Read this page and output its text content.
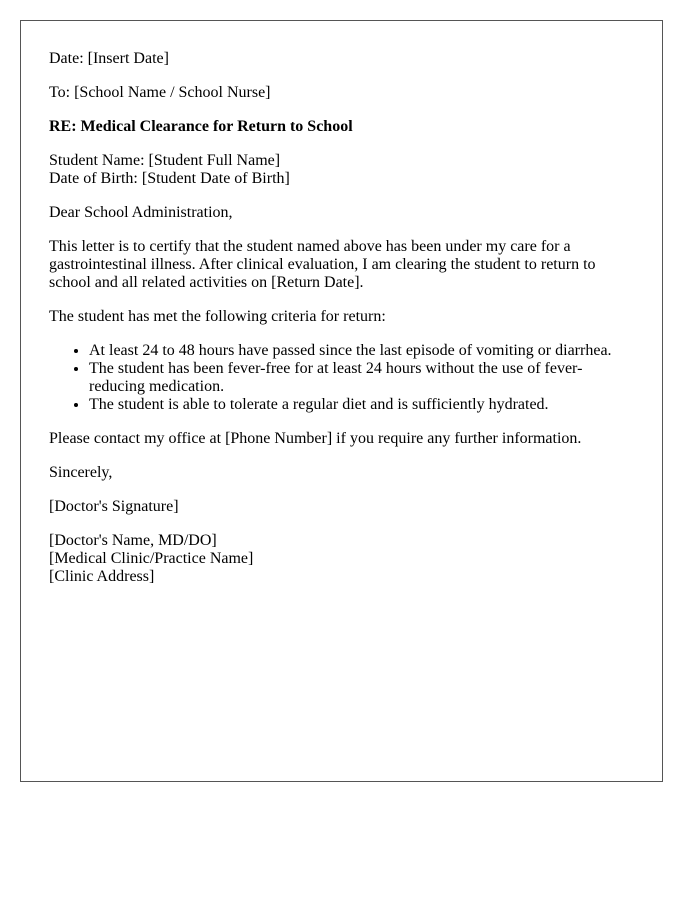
Date: [Insert Date]

To: [School Name / School Nurse]

RE: Medical Clearance for Return to School

Student Name: [Student Full Name]
Date of Birth: [Student Date of Birth]

Dear School Administration,

This letter is to certify that the student named above has been under my care for a gastrointestinal illness. After clinical evaluation, I am clearing the student to return to school and all related activities on [Return Date].

The student has met the following criteria for return:

• At least 24 to 48 hours have passed since the last episode of vomiting or diarrhea.
• The student has been fever-free for at least 24 hours without the use of fever-reducing medication.
• The student is able to tolerate a regular diet and is sufficiently hydrated.

Please contact my office at [Phone Number] if you require any further information.

Sincerely,

[Doctor's Signature]

[Doctor's Name, MD/DO]
[Medical Clinic/Practice Name]
[Clinic Address]
